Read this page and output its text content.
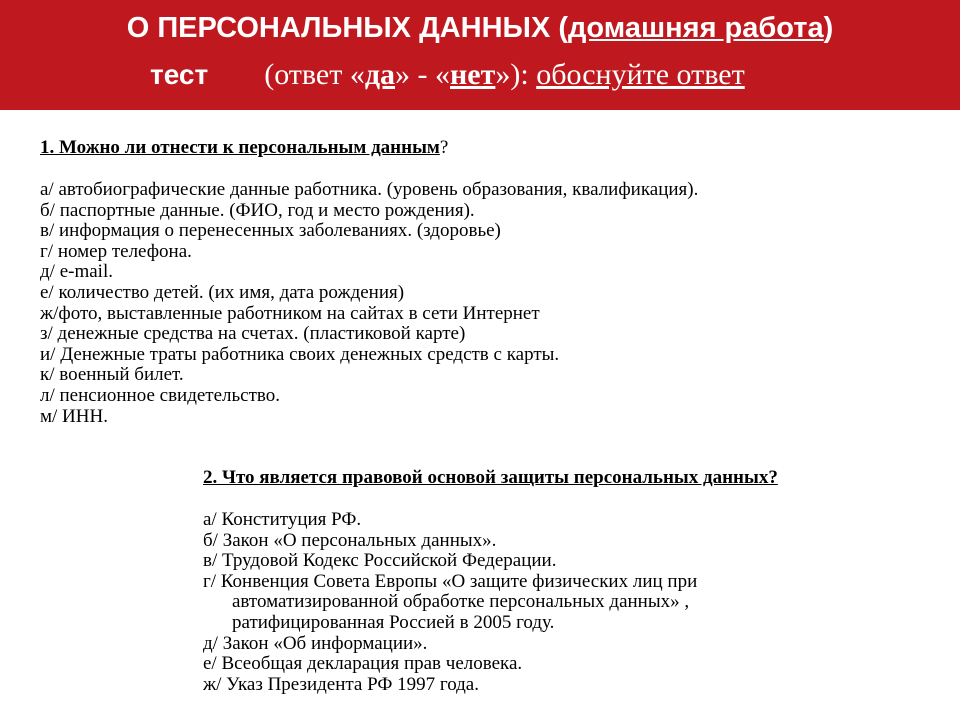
О ПЕРСОНАЛЬНЫХ ДАННЫХ (домашняя работа)
тест (ответ «да» - «нет»): обоснуйте ответ
1. Можно ли отнести к персональным данным?
а/ автобиографические данные работника. (уровень образования, квалификация).
б/ паспортные данные. (ФИО, год и место рождения).
в/ информация о перенесенных заболеваниях. (здоровье)
г/ номер телефона.
д/ e-mail.
е/ количество детей. (их имя, дата рождения)
ж/фото, выставленные работником на сайтах в сети Интернет
з/ денежные средства на счетах. (пластиковой карте)
и/ Денежные траты работника своих денежных средств с карты.
к/ военный билет.
л/ пенсионное свидетельство.
м/ ИНН.
2. Что является правовой основой защиты персональных данных?
а/ Конституция РФ.
б/ Закон «О персональных данных».
в/ Трудовой Кодекс Российской Федерации.
г/ Конвенция Совета Европы «О защите физических лиц при
автоматизированной обработке персональных данных» ,
ратифицированная Россией в 2005 году.
д/ Закон «Об информации».
е/ Всеобщая декларация прав человека.
ж/ Указ Президента РФ 1997 года.
